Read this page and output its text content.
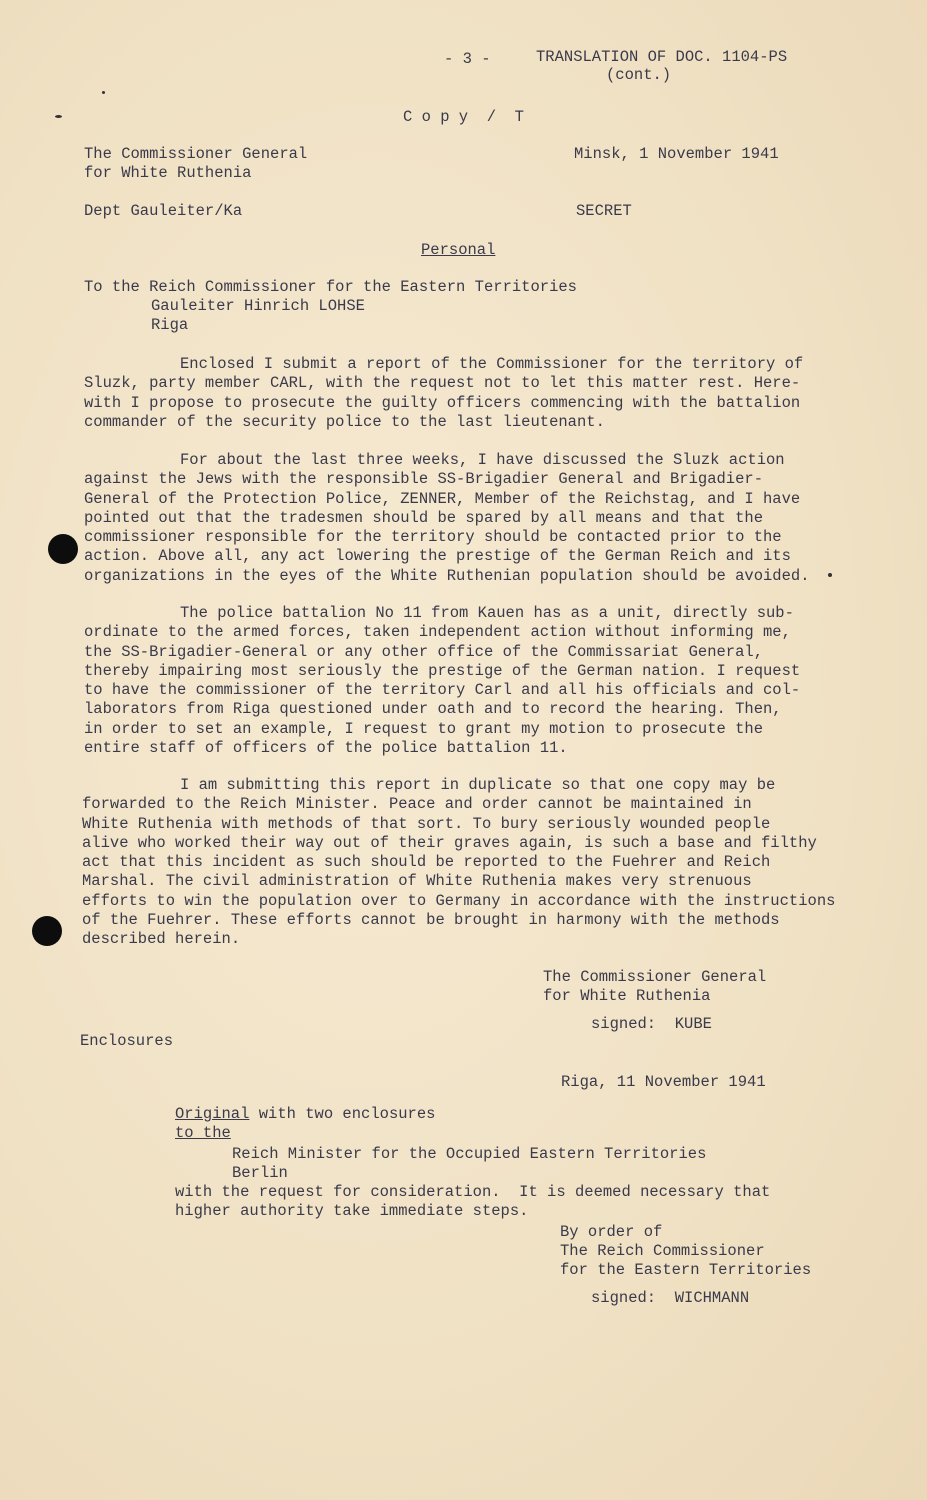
- 3 -	TRANSLATION OF DOC. 1104-PS
(cont.)
C o p y  /  T
The Commissioner General
for White Ruthenia
Minsk, 1 November 1941
Dept Gauleiter/Ka	SECRET
Personal
To the Reich Commissioner for the Eastern Territories
Gauleiter Hinrich LOHSE
Riga
Enclosed I submit a report of the Commissioner for the territory of
Sluzk, party member CARL, with the request not to let this matter rest. Here-
with I propose to prosecute the guilty officers commencing with the battalion
commander of the security police to the last lieutenant.
For about the last three weeks, I have discussed the Sluzk action
against the Jews with the responsible SS-Brigadier General and Brigadier-
General of the Protection Police, ZENNER, Member of the Reichstag, and I have
pointed out that the tradesmen should be spared by all means and that the
commissioner responsible for the territory should be contacted prior to the
action. Above all, any act lowering the prestige of the German Reich and its
organizations in the eyes of the White Ruthenian population should be avoided.
The police battalion No 11 from Kauen has as a unit, directly sub-
ordinate to the armed forces, taken independent action without informing me,
the SS-Brigadier-General or any other office of the Commissariat General,
thereby impairing most seriously the prestige of the German nation. I request
to have the commissioner of the territory Carl and all his officials and col-
laborators from Riga questioned under oath and to record the hearing. Then,
in order to set an example, I request to grant my motion to prosecute the
entire staff of officers of the police battalion 11.
I am submitting this report in duplicate so that one copy may be
forwarded to the Reich Minister. Peace and order cannot be maintained in
White Ruthenia with methods of that sort. To bury seriously wounded people
alive who worked their way out of their graves again, is such a base and filthy
act that this incident as such should be reported to the Fuehrer and Reich
Marshal. The civil administration of White Ruthenia makes very strenuous
efforts to win the population over to Germany in accordance with the instructions
of the Fuehrer. These efforts cannot be brought in harmony with the methods
described herein.
The Commissioner General
for White Ruthenia
signed:  KUBE
Enclosures
Riga, 11 November 1941
Original with two enclosures
to the
Reich Minister for the Occupied Eastern Territories
Berlin
with the request for consideration.  It is deemed necessary that
higher authority take immediate steps.
By order of
The Reich Commissioner
for the Eastern Territories
signed:  WICHMANN
